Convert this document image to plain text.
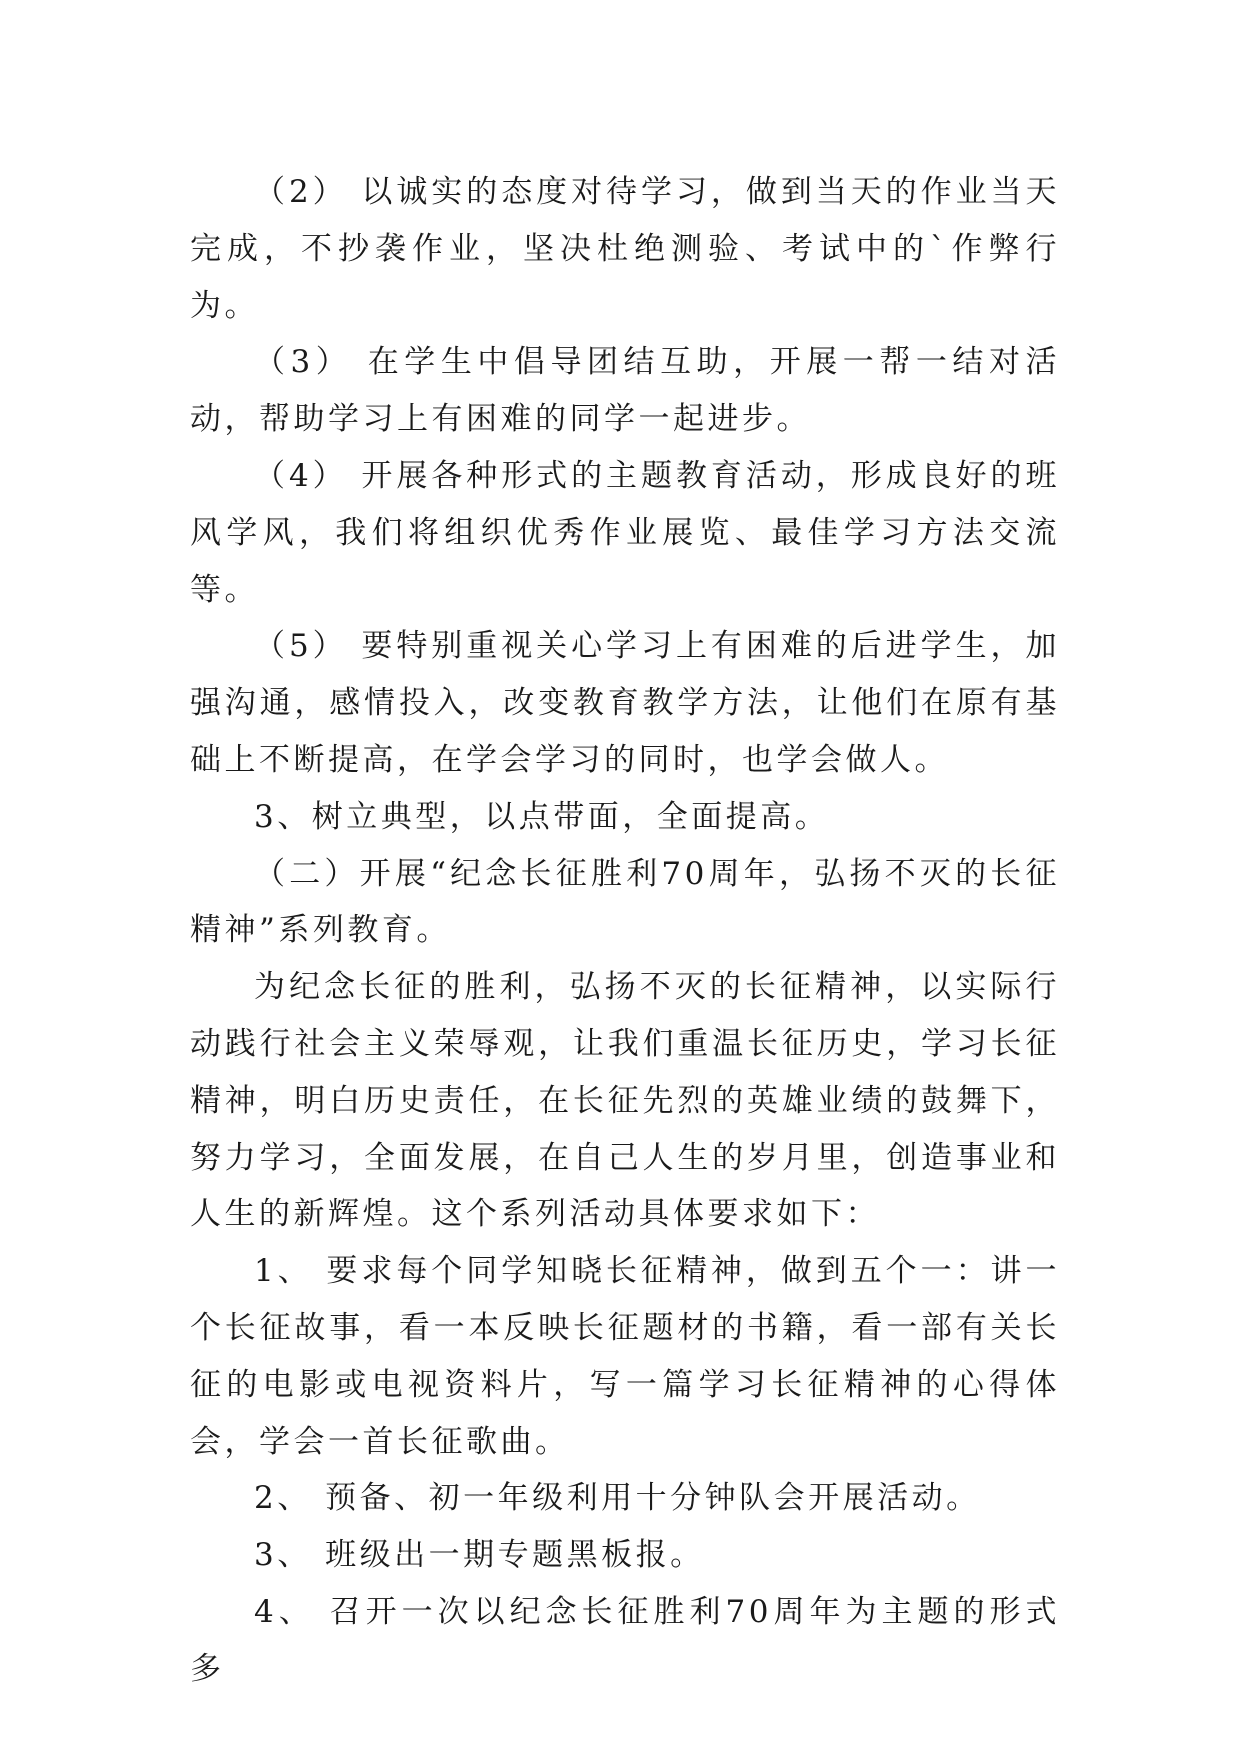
（2） 以诚实的态度对待学习，做到当天的作业当天完成，不抄袭作业，坚决杜绝测验、考试中的`作弊行为。

（3） 在学生中倡导团结互助，开展一帮一结对活动，帮助学习上有困难的同学一起进步。

（4） 开展各种形式的主题教育活动，形成良好的班风学风，我们将组织优秀作业展览、最佳学习方法交流等。

（5） 要特别重视关心学习上有困难的后进学生，加强沟通，感情投入，改变教育教学方法，让他们在原有基础上不断提高，在学会学习的同时，也学会做人。

3、树立典型，以点带面，全面提高。

（二）开展“纪念长征胜利70周年，弘扬不灭的长征精神”系列教育。

为纪念长征的胜利，弘扬不灭的长征精神，以实际行动践行社会主义荣辱观，让我们重温长征历史，学习长征精神，明白历史责任，在长征先烈的英雄业绩的鼓舞下，努力学习，全面发展，在自己人生的岁月里，创造事业和人生的新辉煌。这个系列活动具体要求如下：

1、 要求每个同学知晓长征精神，做到五个一：讲一个长征故事，看一本反映长征题材的书籍，看一部有关长征的电影或电视资料片，写一篇学习长征精神的心得体会，学会一首长征歌曲。

2、 预备、初一年级利用十分钟队会开展活动。

3、 班级出一期专题黑板报。

4、 召开一次以纪念长征胜利70周年为主题的形式多
